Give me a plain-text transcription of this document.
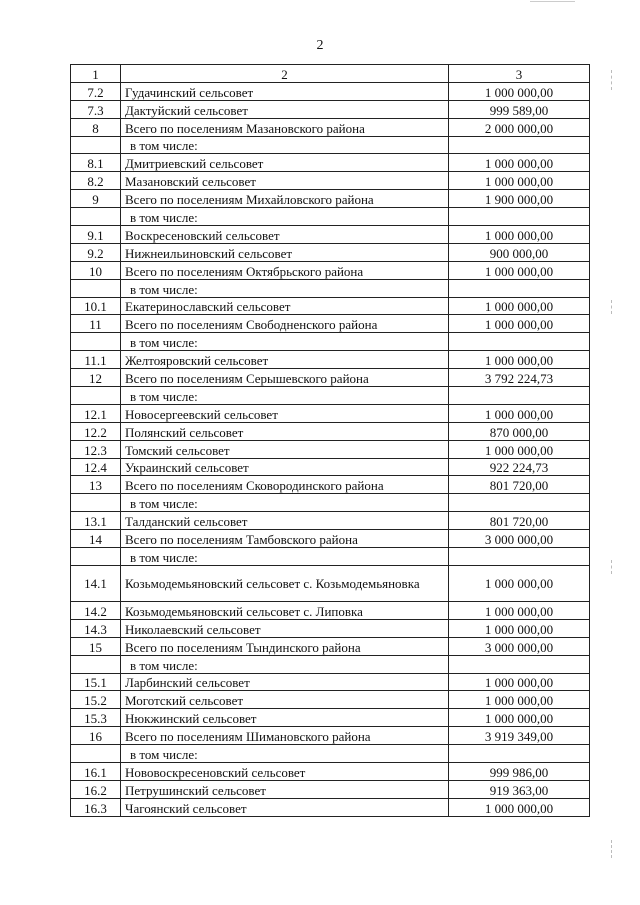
2
1	2	3
7.2	Гудачинский сельсовет	1 000 000,00
7.3	Дактуйский сельсовет	999 589,00
8	Всего по поселениям Мазановского района	2 000 000,00
	в том числе:	
8.1	Дмитриевский сельсовет	1 000 000,00
8.2	Мазановский сельсовет	1 000 000,00
9	Всего по поселениям Михайловского района	1 900 000,00
	в том числе:	
9.1	Воскресеновский сельсовет	1 000 000,00
9.2	Нижнеильиновский сельсовет	900 000,00
10	Всего по поселениям Октябрьского района	1 000 000,00
	в том числе:	
10.1	Екатеринославский сельсовет	1 000 000,00
11	Всего по поселениям Свободненского района	1 000 000,00
	в том числе:	
11.1	Желтояровский сельсовет	1 000 000,00
12	Всего по поселениям Серышевского района	3 792 224,73
	в том числе:	
12.1	Новосергеевский сельсовет	1 000 000,00
12.2	Полянский сельсовет	870 000,00
12.3	Томский сельсовет	1 000 000,00
12.4	Украинский сельсовет	922 224,73
13	Всего по поселениям Сковородинского района	801 720,00
	в том числе:	
13.1	Талданский сельсовет	801 720,00
14	Всего по поселениям Тамбовского района	3 000 000,00
	в том числе:	
14.1	Козьмодемьяновский сельсовет с. Козьмодемьяновка	1 000 000,00
14.2	Козьмодемьяновский сельсовет с. Липовка	1 000 000,00
14.3	Николаевский сельсовет	1 000 000,00
15	Всего по поселениям Тындинского района	3 000 000,00
	в том числе:	
15.1	Ларбинский сельсовет	1 000 000,00
15.2	Моготский сельсовет	1 000 000,00
15.3	Нюкжинский сельсовет	1 000 000,00
16	Всего по поселениям Шимановского района	3 919 349,00
	в том числе:	
16.1	Нововоскресеновский сельсовет	999 986,00
16.2	Петрушинский сельсовет	919 363,00
16.3	Чагоянский сельсовет	1 000 000,00
